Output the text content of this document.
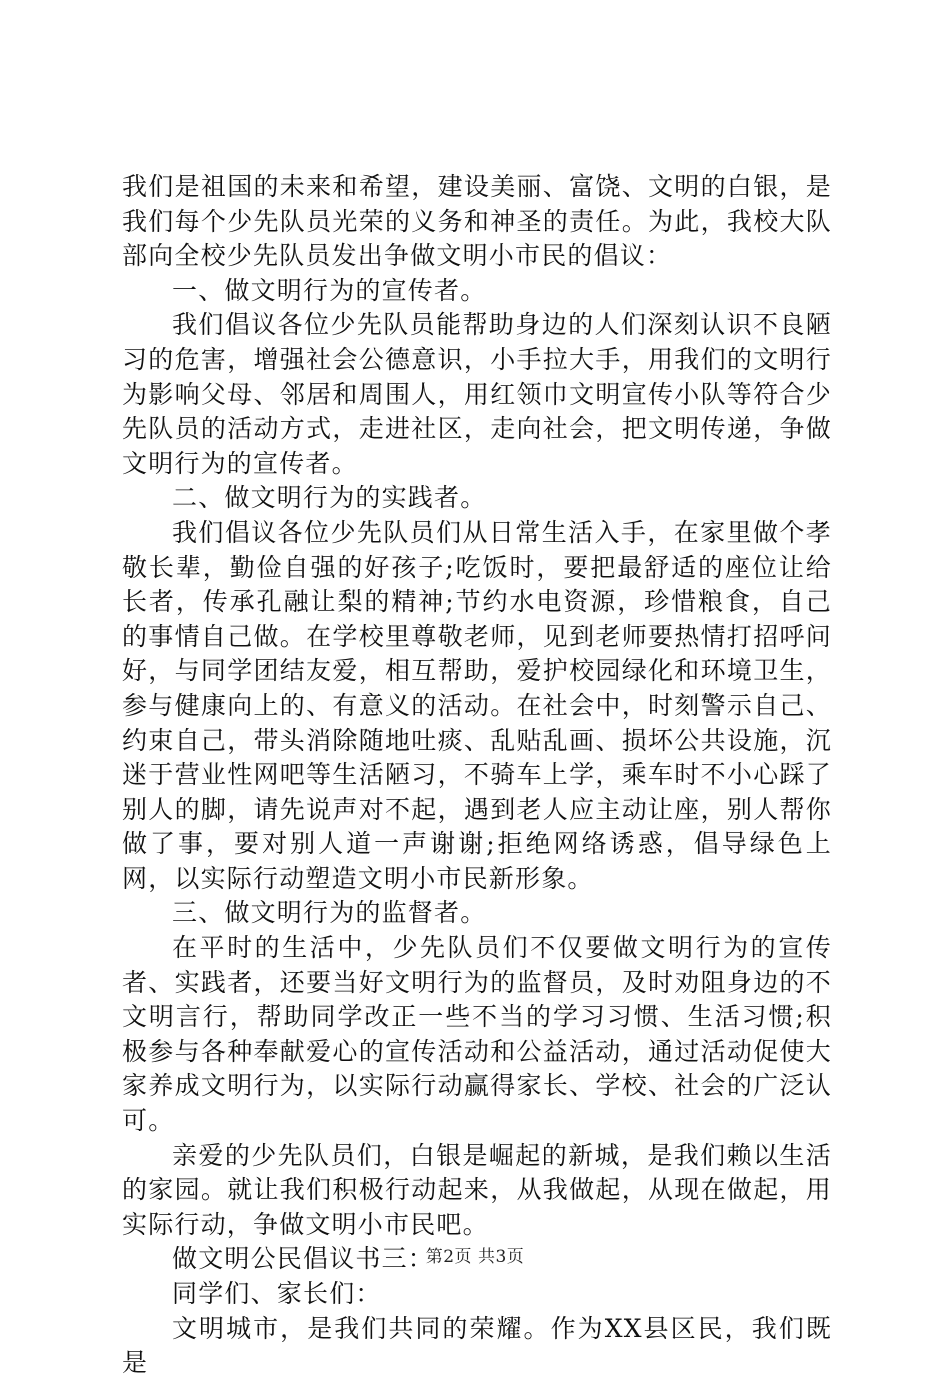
我们是祖国的未来和希望，建设美丽、富饶、文明的白银，是我们每个少先队员光荣的义务和神圣的责任。为此，我校大队部向全校少先队员发出争做文明小市民的倡议：

一、做文明行为的宣传者。

我们倡议各位少先队员能帮助身边的人们深刻认识不良陋习的危害，增强社会公德意识，小手拉大手，用我们的文明行为影响父母、邻居和周围人，用红领巾文明宣传小队等符合少先队员的活动方式，走进社区，走向社会，把文明传递，争做文明行为的宣传者。

二、做文明行为的实践者。

我们倡议各位少先队员们从日常生活入手，在家里做个孝敬长辈，勤俭自强的好孩子;吃饭时，要把最舒适的座位让给长者，传承孔融让梨的精神;节约水电资源，珍惜粮食，自己的事情自己做。在学校里尊敬老师，见到老师要热情打招呼问好，与同学团结友爱，相互帮助，爱护校园绿化和环境卫生，参与健康向上的、有意义的活动。在社会中，时刻警示自己、约束自己，带头消除随地吐痰、乱贴乱画、损坏公共设施，沉迷于营业性网吧等生活陋习，不骑车上学，乘车时不小心踩了别人的脚，请先说声对不起，遇到老人应主动让座，别人帮你做了事，要对别人道一声谢谢;拒绝网络诱惑，倡导绿色上网，以实际行动塑造文明小市民新形象。

三、做文明行为的监督者。

在平时的生活中，少先队员们不仅要做文明行为的宣传者、实践者，还要当好文明行为的监督员，及时劝阻身边的不文明言行，帮助同学改正一些不当的学习习惯、生活习惯;积极参与各种奉献爱心的宣传活动和公益活动，通过活动促使大家养成文明行为，以实际行动赢得家长、学校、社会的广泛认可。

亲爱的少先队员们，白银是崛起的新城，是我们赖以生活的家园。就让我们积极行动起来，从我做起，从现在做起，用实际行动，争做文明小市民吧。

做文明公民倡议书三：

同学们、家长们：

文明城市，是我们共同的荣耀。作为XX县区民，我们既是

第2页 共3页
